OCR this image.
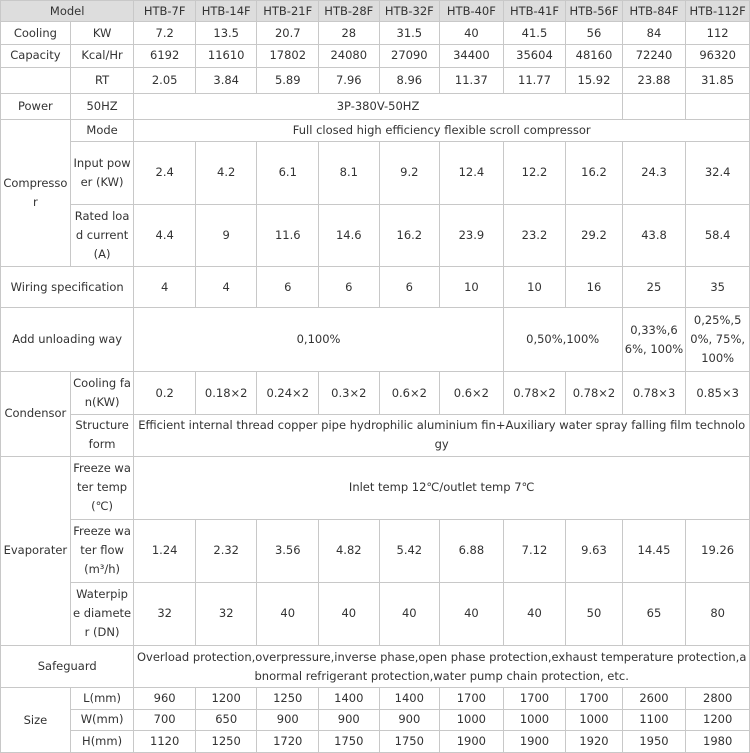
Model		HTB-7F	HTB-14F	HTB-21F	HTB-28F	HTB-32F	HTB-40F	HTB-41F	HTB-56F	HTB-84F	HTB-112F
Cooling	KW	7.2	13.5	20.7	28	31.5	40	41.5	56	84	112
Capacity	Kcal/Hr	6192	11610	17802	24080	27090	34400	35604	48160	72240	96320
	RT	2.05	3.84	5.89	7.96	8.96	11.37	11.77	15.92	23.88	31.85
Power	50HZ	3P-380V-50HZ									
Compressor	Mode	Full closed high efficiency flexible scroll compressor									
	Input power (KW)	2.4	4.2	6.1	8.1	9.2	12.4	12.2	16.2	24.3	32.4
	Rated load current(A)	4.4	9	11.6	14.6	16.2	23.9	23.2	29.2	43.8	58.4
Wiring specification		4	4	6	6	6	10	10	16	25	35
Add unloading way		0,100%						0,50%,100%		0,33%,66%, 100%	0,25%,50%, 75%,100%
Condensor	Cooling fan(KW)	0.2	0.18×2	0.24×2	0.3×2	0.6×2	0.6×2	0.78×2	0.78×2	0.78×3	0.85×3
	Structure form	Efficient internal thread copper pipe hydrophilic aluminium fin+Auxiliary water spray falling film technology									
Evaporater	Freeze water temp (℃)	Inlet temp 12℃/outlet temp 7℃									
	Freeze water flow (m³/h)	1.24	2.32	3.56	4.82	5.42	6.88	7.12	9.63	14.45	19.26
	Waterpipe diameter (DN)	32	32	40	40	40	40	40	50	65	80
Safeguard		Overload protection,overpressure,inverse phase,open phase protection,exhaust temperature protection,abnormal refrigerant protection,water pump chain protection, etc.									
Size	L(mm)	960	1200	1250	1400	1400	1700	1700	1700	2600	2800
	W(mm)	700	650	900	900	900	1000	1000	1000	1100	1200
	H(mm)	1120	1250	1720	1750	1750	1900	1900	1920	1950	1980
